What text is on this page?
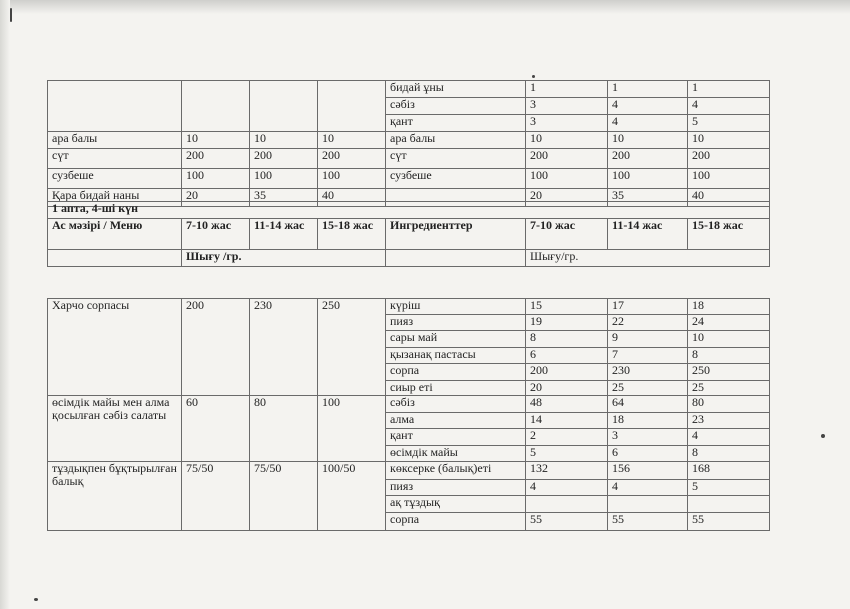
				бидай ұны	1	1	1
				сәбіз	3	4	4
				қант	3	4	5
ара балы	10	10	10	ара балы	10	10	10
сүт	200	200	200	сүт	200	200	200
сузбеше	100	100	100	сузбеше	100	100	100
Қара бидай наны	20	35	40		20	35	40
1 апта, 4-ші күн							
Ас мәзірі / Меню	7-10 жас	11-14 жас	15-18 жас	Ингредиенттер	7-10 жас	11-14 жас	15-18 жас
	Шығу /гр.				Шығу/гр.		
Харчо сорпасы	200	230	250	күріш	15	17	18
				пияз	19	22	24
				сары май	8	9	10
				қызанақ пастасы	6	7	8
				сорпа	200	230	250
				сиыр еті	20	25	25
өсімдік майы мен алма қосылған сәбіз салаты	60	80	100	сәбіз	48	64	80
				алма	14	18	23
				қант	2	3	4
				өсімдік майы	5	6	8
тұздықпен бұқтырылған балық	75/50	75/50	100/50	көксерке (балық)еті	132	156	168
				пияз	4	4	5
				ақ тұздық			
				сорпа	55	55	55
